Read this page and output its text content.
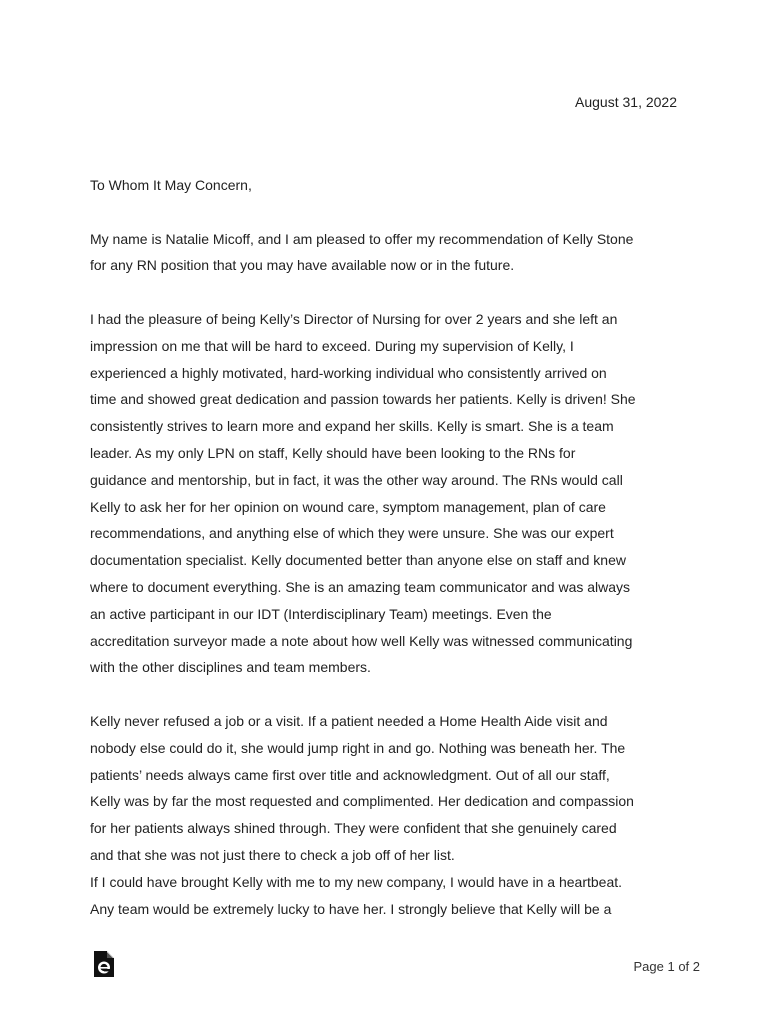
August 31, 2022

To Whom It May Concern,

My name is Natalie Micoff, and I am pleased to offer my recommendation of Kelly Stone
for any RN position that you may have available now or in the future.

I had the pleasure of being Kelly’s Director of Nursing for over 2 years and she left an
impression on me that will be hard to exceed. During my supervision of Kelly, I
experienced a highly motivated, hard-working individual who consistently arrived on
time and showed great dedication and passion towards her patients. Kelly is driven! She
consistently strives to learn more and expand her skills. Kelly is smart. She is a team
leader. As my only LPN on staff, Kelly should have been looking to the RNs for
guidance and mentorship, but in fact, it was the other way around. The RNs would call
Kelly to ask her for her opinion on wound care, symptom management, plan of care
recommendations, and anything else of which they were unsure. She was our expert
documentation specialist. Kelly documented better than anyone else on staff and knew
where to document everything. She is an amazing team communicator and was always
an active participant in our IDT (Interdisciplinary Team) meetings. Even the
accreditation surveyor made a note about how well Kelly was witnessed communicating
with the other disciplines and team members.

Kelly never refused a job or a visit. If a patient needed a Home Health Aide visit and
nobody else could do it, she would jump right in and go. Nothing was beneath her. The
patients’ needs always came first over title and acknowledgment. Out of all our staff,
Kelly was by far the most requested and complimented. Her dedication and compassion
for her patients always shined through. They were confident that she genuinely cared
and that she was not just there to check a job off of her list.

If I could have brought Kelly with me to my new company, I would have in a heartbeat.
Any team would be extremely lucky to have her. I strongly believe that Kelly will be a

Page 1 of 2
